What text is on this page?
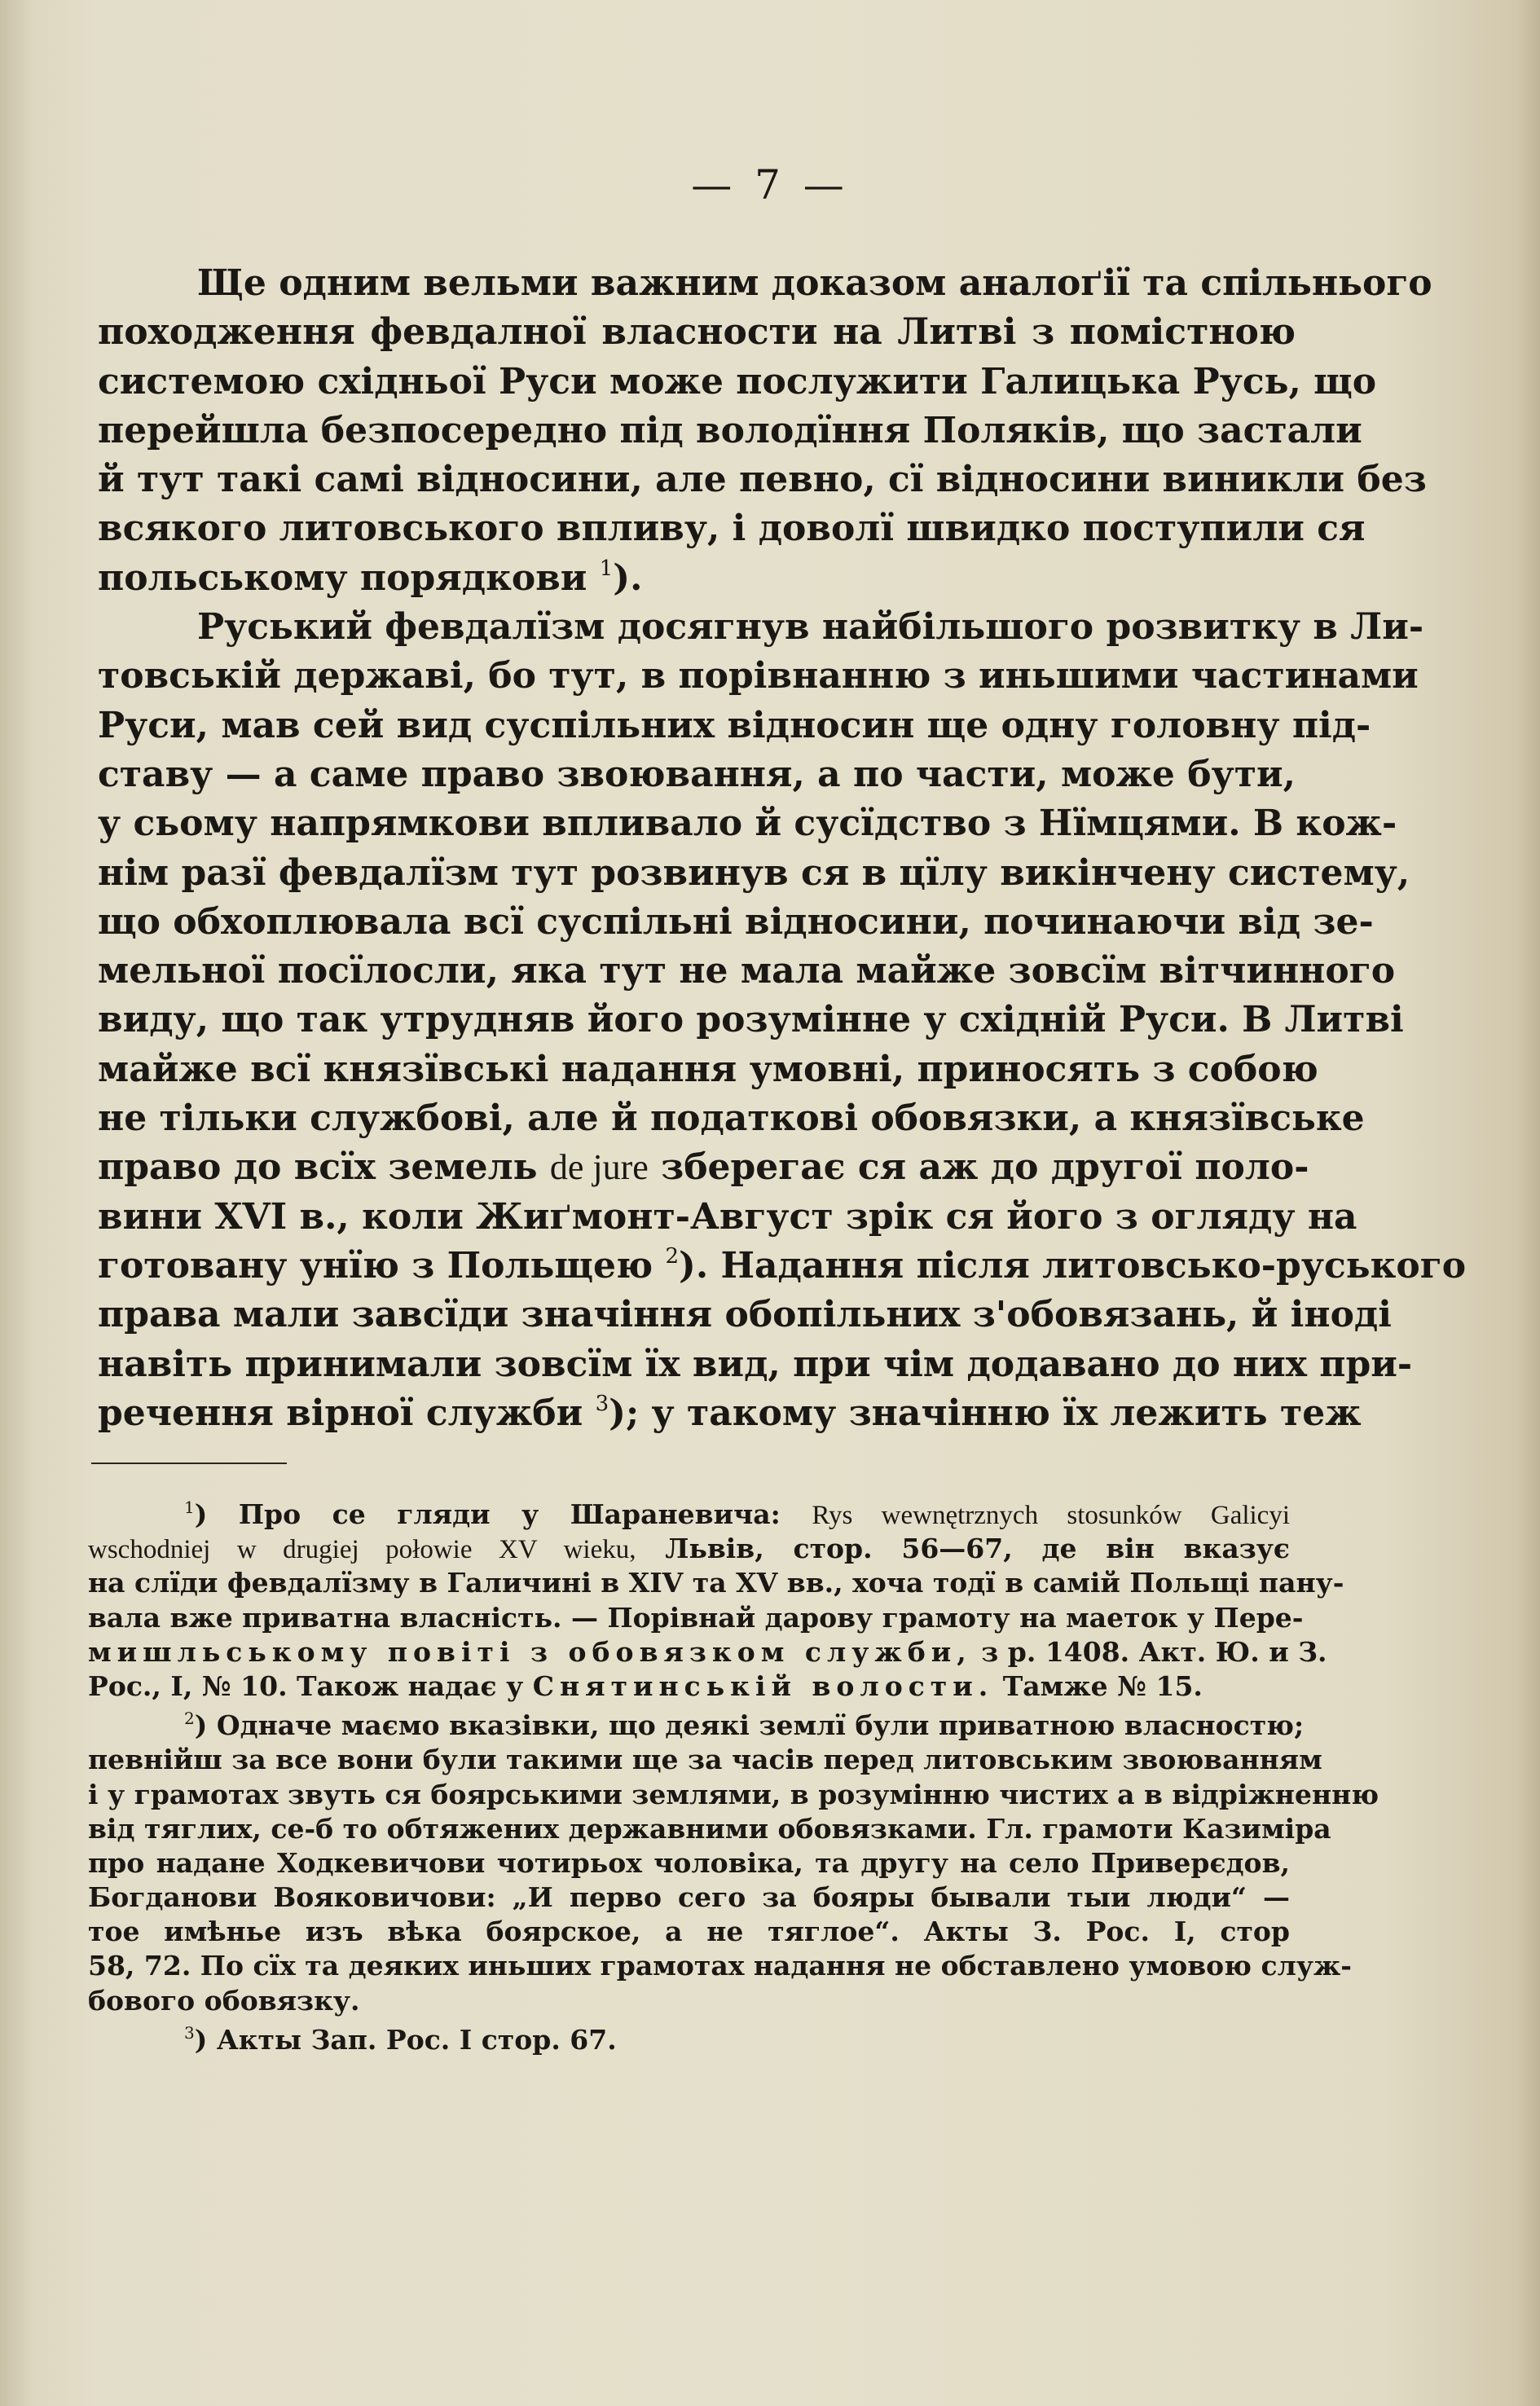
— 7 —
Ще одним вельми важним доказом аналоґії та спільнього
походження февдалної власности на Литві з помістною
системою східньої Руси може послужити Галицька Русь, що
перейшла безпосередно під володїння Поляків, що застали
й тут такі самі відносини, але певно, сї відносини виникли без
всякого литовського впливу, і доволї швидко поступили ся
польському порядкови $^1$).
Руський февдалїзм досягнув найбільшого розвитку в Ли-
товській державі, бо тут, в порівнанню з иньшими частинами
Руси, мав сей вид суспільних відносин ще одну головну під-
ставу — а саме право звоювання, а по части, може бути,
у сьому напрямкови впливало й сусїдство з Нїмцями. В кож-
нім разї февдалїзм тут розвинув ся в цїлу викінчену систему,
що обхоплювала всї суспільні відносини, починаючи від зе-
мельної посїлосли, яка тут не мала майже зовсїм вітчинного
виду, що так утрудняв його розумінне у східній Руси. В Литві
майже всї князївські надання умовні, приносять з собою
не тільки службові, але й податкові обовязки, а князївське
право до всїх земель de jure зберегає ся аж до другої поло-
вини XVI в., коли Жиґмонт-Август зрік ся його з огляду на
готовану унїю з Польщею $^2$). Надання після литовсько-руського
права мали завсїди значіння обопільних з'обовязань, й іноді
навіть принимали зовсїм їх вид, при чім додавано до них при-
речення вірної служби $^3$); у такому значінню їх лежить теж
$^1$) Про се гляди у Шараневича: Rys wewnętrznych stosunków Galicyi
wschodniej w drugiej połowie XV wieku, Львів, стор. 56—67, де він вказує
на слїди февдалїзму в Галичині в XIV та XV вв., хоча тодї в самій Польщі пану-
вала вже приватна власність. — Порівнай дарову грамоту на маеток у Пере-
мишльському повіті з обовязком служби, з р. 1408. Акт. Ю. и З.
Рос., I, № 10. Також надає у Снятинській волости. Тамже № 15.
$^2$) Одначе маємо вказівки, що деякі землї були приватною власностю;
певнійш за все вони були такими ще за часів перед литовським звоюванням
і у грамотах звуть ся боярськими землями, в розумінню чистих а в відріжненню
від тяглих, се-б то обтяжених державними обовязками. Гл. грамоти Казиміра
про надане Ходкевичови чотирьох чоловіка, та другу на село Приверєдов,
Богданови Вояковичови: „И перво сего за бояры бывали тыи люди“ —
тое имѣнье изъ вѣка боярское, а не тяглое“. Акты З. Рос. I, стор
58, 72. По сїх та деяких иньших грамотах надання не обставлено умовою служ-
бового обовязку.
$^3$) Акты Зап. Рос. I стор. 67.
